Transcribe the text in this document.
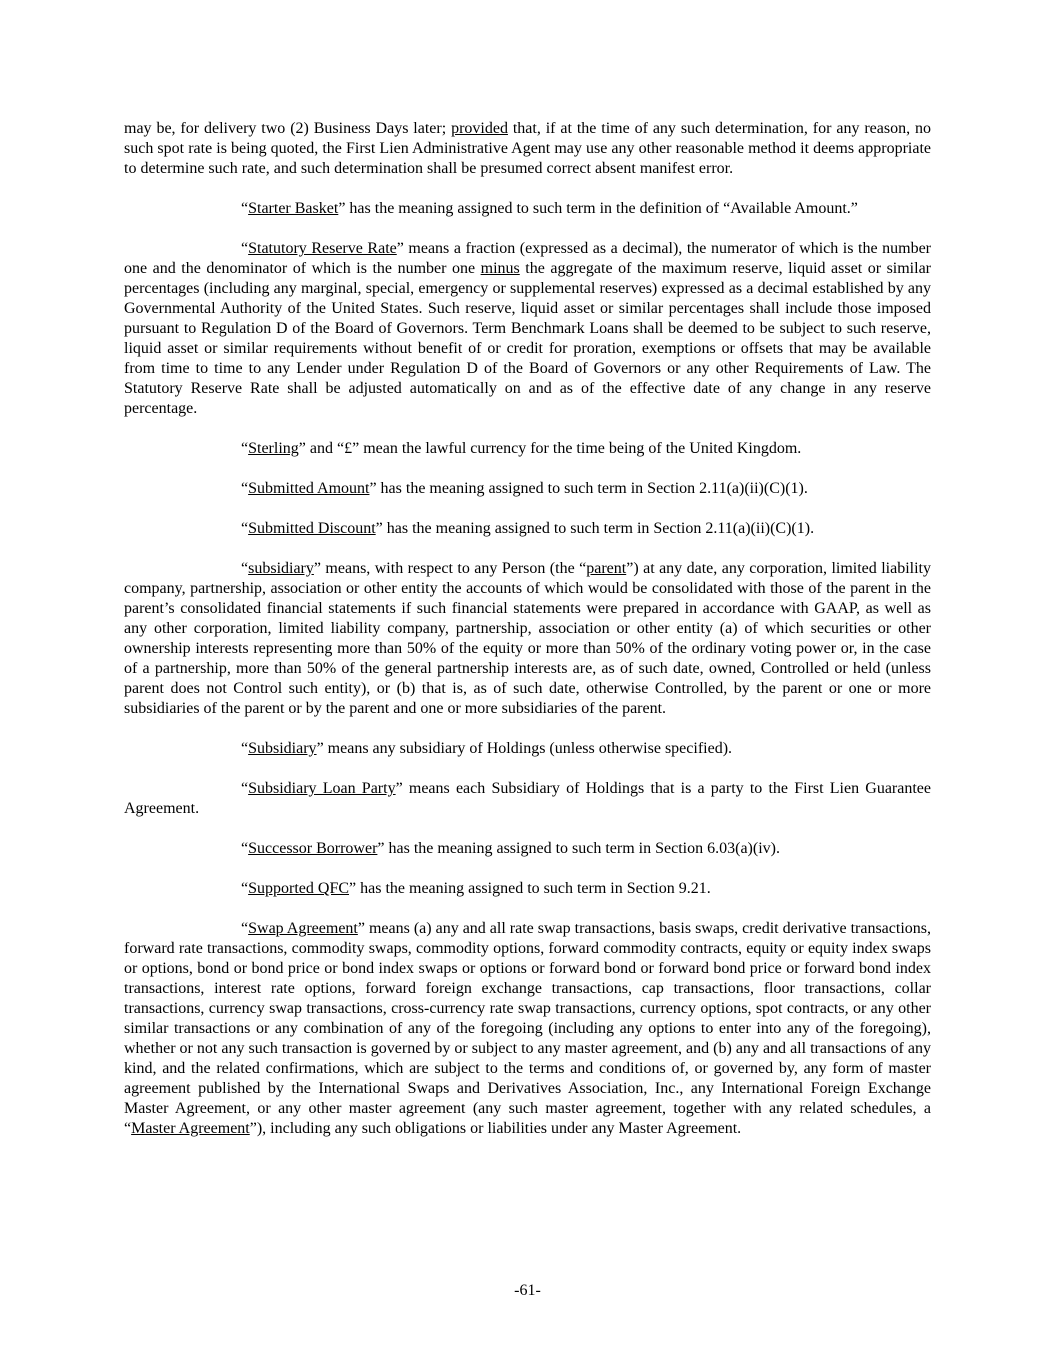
may be, for delivery two (2) Business Days later; provided that, if at the time of any such determination, for any reason, no such spot rate is being quoted, the First Lien Administrative Agent may use any other reasonable method it deems appropriate to determine such rate, and such determination shall be presumed correct absent manifest error.

“Starter Basket” has the meaning assigned to such term in the definition of “Available Amount.”

“Statutory Reserve Rate” means a fraction (expressed as a decimal), the numerator of which is the number one and the denominator of which is the number one minus the aggregate of the maximum reserve, liquid asset or similar percentages (including any marginal, special, emergency or supplemental reserves) expressed as a decimal established by any Governmental Authority of the United States. Such reserve, liquid asset or similar percentages shall include those imposed pursuant to Regulation D of the Board of Governors. Term Benchmark Loans shall be deemed to be subject to such reserve, liquid asset or similar requirements without benefit of or credit for proration, exemptions or offsets that may be available from time to time to any Lender under Regulation D of the Board of Governors or any other Requirements of Law. The Statutory Reserve Rate shall be adjusted automatically on and as of the effective date of any change in any reserve percentage.

“Sterling” and “£” mean the lawful currency for the time being of the United Kingdom.

“Submitted Amount” has the meaning assigned to such term in Section 2.11(a)(ii)(C)(1).

“Submitted Discount” has the meaning assigned to such term in Section 2.11(a)(ii)(C)(1).

“subsidiary” means, with respect to any Person (the “parent”) at any date, any corporation, limited liability company, partnership, association or other entity the accounts of which would be consolidated with those of the parent in the parent’s consolidated financial statements if such financial statements were prepared in accordance with GAAP, as well as any other corporation, limited liability company, partnership, association or other entity (a) of which securities or other ownership interests representing more than 50% of the equity or more than 50% of the ordinary voting power or, in the case of a partnership, more than 50% of the general partnership interests are, as of such date, owned, Controlled or held (unless parent does not Control such entity), or (b) that is, as of such date, otherwise Controlled, by the parent or one or more subsidiaries of the parent or by the parent and one or more subsidiaries of the parent.

“Subsidiary” means any subsidiary of Holdings (unless otherwise specified).

“Subsidiary Loan Party” means each Subsidiary of Holdings that is a party to the First Lien Guarantee Agreement.

“Successor Borrower” has the meaning assigned to such term in Section 6.03(a)(iv).

“Supported QFC” has the meaning assigned to such term in Section 9.21.

“Swap Agreement” means (a) any and all rate swap transactions, basis swaps, credit derivative transactions, forward rate transactions, commodity swaps, commodity options, forward commodity contracts, equity or equity index swaps or options, bond or bond price or bond index swaps or options or forward bond or forward bond price or forward bond index transactions, interest rate options, forward foreign exchange transactions, cap transactions, floor transactions, collar transactions, currency swap transactions, cross-currency rate swap transactions, currency options, spot contracts, or any other similar transactions or any combination of any of the foregoing (including any options to enter into any of the foregoing), whether or not any such transaction is governed by or subject to any master agreement, and (b) any and all transactions of any kind, and the related confirmations, which are subject to the terms and conditions of, or governed by, any form of master agreement published by the International Swaps and Derivatives Association, Inc., any International Foreign Exchange Master Agreement, or any other master agreement (any such master agreement, together with any related schedules, a “Master Agreement”), including any such obligations or liabilities under any Master Agreement.

-61-
